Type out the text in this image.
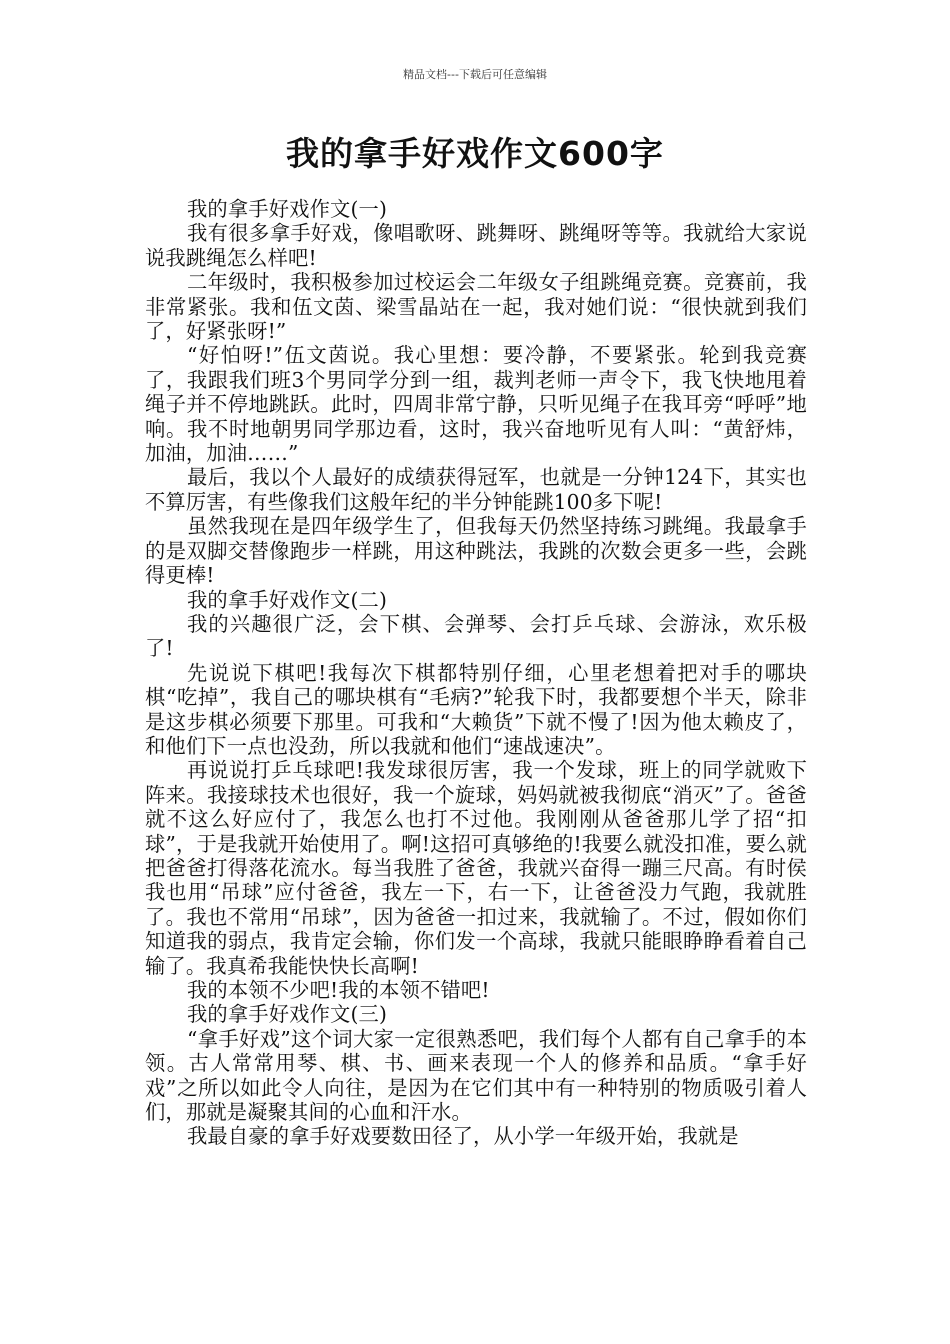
精品文档---下载后可任意编辑
我的拿手好戏作文600字

我的拿手好戏作文(一)

我有很多拿手好戏，像唱歌呀、跳舞呀、跳绳呀等等。我就给大家说说我跳绳怎么样吧!

二年级时，我积极参加过校运会二年级女子组跳绳竞赛。竞赛前，我非常紧张。我和伍文茵、梁雪晶站在一起，我对她们说：“很快就到我们了，好紧张呀!”

“好怕呀!”伍文茵说。我心里想：要冷静，不要紧张。轮到我竞赛了，我跟我们班3个男同学分到一组，裁判老师一声令下，我飞快地甩着绳子并不停地跳跃。此时，四周非常宁静，只听见绳子在我耳旁“呼呼”地响。我不时地朝男同学那边看，这时，我兴奋地听见有人叫：“黄舒炜，加油，加油……”

最后，我以个人最好的成绩获得冠军，也就是一分钟124下，其实也不算厉害，有些像我们这般年纪的半分钟能跳100多下呢!

虽然我现在是四年级学生了，但我每天仍然坚持练习跳绳。我最拿手的是双脚交替像跑步一样跳，用这种跳法，我跳的次数会更多一些，会跳得更棒!

我的拿手好戏作文(二)

我的兴趣很广泛，会下棋、会弹琴、会打乒乓球、会游泳，欢乐极了!

先说说下棋吧!我每次下棋都特别仔细，心里老想着把对手的哪块棋“吃掉”，我自己的哪块棋有“毛病?”轮我下时，我都要想个半天，除非是这步棋必须要下那里。可我和“大赖货”下就不慢了!因为他太赖皮了，和他们下一点也没劲，所以我就和他们“速战速决”。

再说说打乒乓球吧!我发球很厉害，我一个发球，班上的同学就败下阵来。我接球技术也很好，我一个旋球，妈妈就被我彻底“消灭”了。爸爸就不这么好应付了，我怎么也打不过他。我刚刚从爸爸那儿学了招“扣球”，于是我就开始使用了。啊!这招可真够绝的!我要么就没扣准，要么就把爸爸打得落花流水。每当我胜了爸爸，我就兴奋得一蹦三尺高。有时侯我也用“吊球”应付爸爸，我左一下，右一下，让爸爸没力气跑，我就胜了。我也不常用“吊球”，因为爸爸一扣过来，我就输了。不过，假如你们知道我的弱点，我肯定会输，你们发一个高球，我就只能眼睁睁看着自己输了。我真希我能快快长高啊!

我的本领不少吧!我的本领不错吧!

我的拿手好戏作文(三)

“拿手好戏”这个词大家一定很熟悉吧，我们每个人都有自己拿手的本领。古人常常用琴、棋、书、画来表现一个人的修养和品质。“拿手好戏”之所以如此令人向往，是因为在它们其中有一种特别的物质吸引着人们，那就是凝聚其间的心血和汗水。

我最自豪的拿手好戏要数田径了，从小学一年级开始，我就是
